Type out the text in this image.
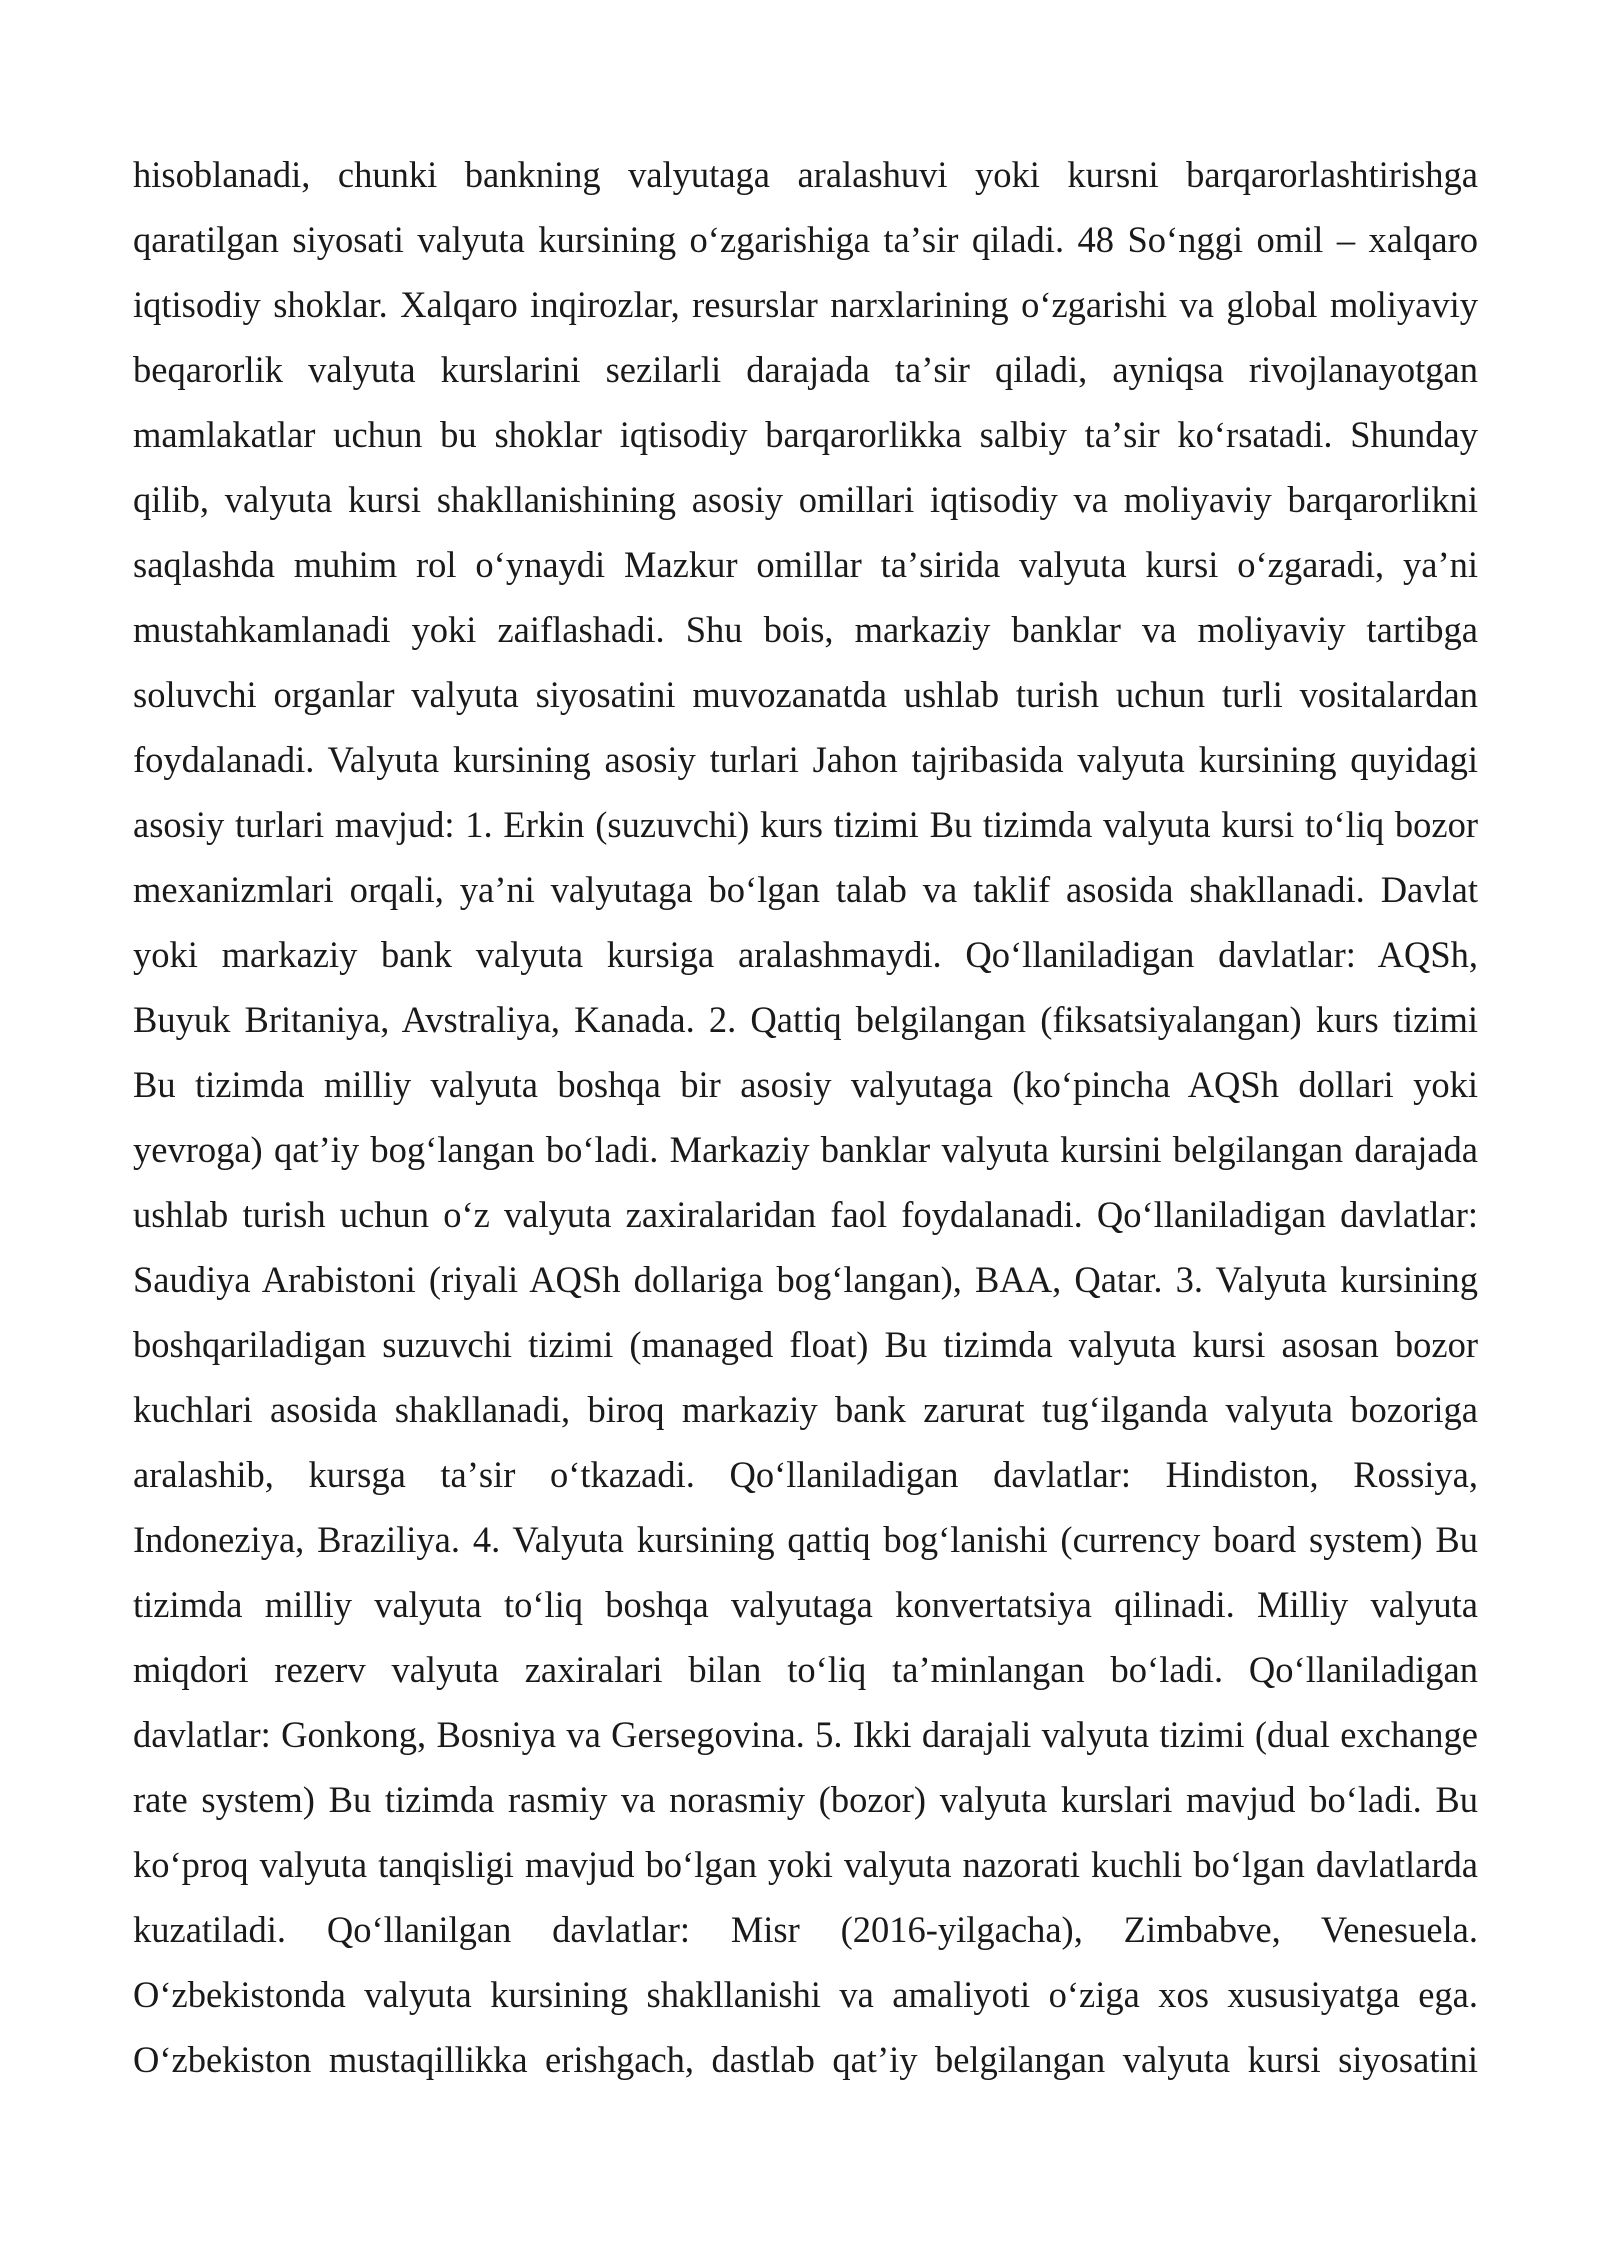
hisoblanadi, chunki bankning valyutaga aralashuvi yoki kursni barqarorlashtirishga
qaratilgan siyosati valyuta kursining oʻzgarishiga taʼsir qiladi. 48 Soʻnggi omil – xalqaro
iqtisodiy shoklar. Xalqaro inqirozlar, resurslar narxlarining oʻzgarishi va global moliyaviy
beqarorlik valyuta kurslarini sezilarli darajada taʼsir qiladi, ayniqsa rivojlanayotgan
mamlakatlar uchun bu shoklar iqtisodiy barqarorlikka salbiy taʼsir koʻrsatadi. Shunday
qilib, valyuta kursi shakllanishining asosiy omillari iqtisodiy va moliyaviy barqarorlikni
saqlashda muhim rol oʻynaydi Mazkur omillar taʼsirida valyuta kursi oʻzgaradi, yaʼni
mustahkamlanadi yoki zaiflashadi. Shu bois, markaziy banklar va moliyaviy tartibga
soluvchi organlar valyuta siyosatini muvozanatda ushlab turish uchun turli vositalardan
foydalanadi. Valyuta kursining asosiy turlari Jahon tajribasida valyuta kursining quyidagi
asosiy turlari mavjud: 1. Erkin (suzuvchi) kurs tizimi Bu tizimda valyuta kursi toʻliq bozor
mexanizmlari orqali, yaʼni valyutaga boʻlgan talab va taklif asosida shakllanadi. Davlat
yoki markaziy bank valyuta kursiga aralashmaydi. Qoʻllaniladigan davlatlar: AQSh,
Buyuk Britaniya, Avstraliya, Kanada. 2. Qattiq belgilangan (fiksatsiyalangan) kurs tizimi
Bu tizimda milliy valyuta boshqa bir asosiy valyutaga (koʻpincha AQSh dollari yoki
yevroga) qatʼiy bogʻlangan boʻladi. Markaziy banklar valyuta kursini belgilangan darajada
ushlab turish uchun oʻz valyuta zaxiralaridan faol foydalanadi. Qoʻllaniladigan davlatlar:
Saudiya Arabistoni (riyali AQSh dollariga bogʻlangan), BAA, Qatar. 3. Valyuta kursining
boshqariladigan suzuvchi tizimi (managed float) Bu tizimda valyuta kursi asosan bozor
kuchlari asosida shakllanadi, biroq markaziy bank zarurat tugʻilganda valyuta bozoriga
aralashib, kursga taʼsir oʻtkazadi. Qoʻllaniladigan davlatlar: Hindiston, Rossiya,
Indoneziya, Braziliya. 4. Valyuta kursining qattiq bogʻlanishi (currency board system) Bu
tizimda milliy valyuta toʻliq boshqa valyutaga konvertatsiya qilinadi. Milliy valyuta
miqdori rezerv valyuta zaxiralari bilan toʻliq taʼminlangan boʻladi. Qoʻllaniladigan
davlatlar: Gonkong, Bosniya va Gersegovina. 5. Ikki darajali valyuta tizimi (dual exchange
rate system) Bu tizimda rasmiy va norasmiy (bozor) valyuta kurslari mavjud boʻladi. Bu
koʻproq valyuta tanqisligi mavjud boʻlgan yoki valyuta nazorati kuchli boʻlgan davlatlarda
kuzatiladi. Qoʻllanilgan davlatlar: Misr (2016-yilgacha), Zimbabve, Venesuela.
Oʻzbekistonda valyuta kursining shakllanishi va amaliyoti oʻziga xos xususiyatga ega.
Oʻzbekiston mustaqillikka erishgach, dastlab qatʼiy belgilangan valyuta kursi siyosatini
